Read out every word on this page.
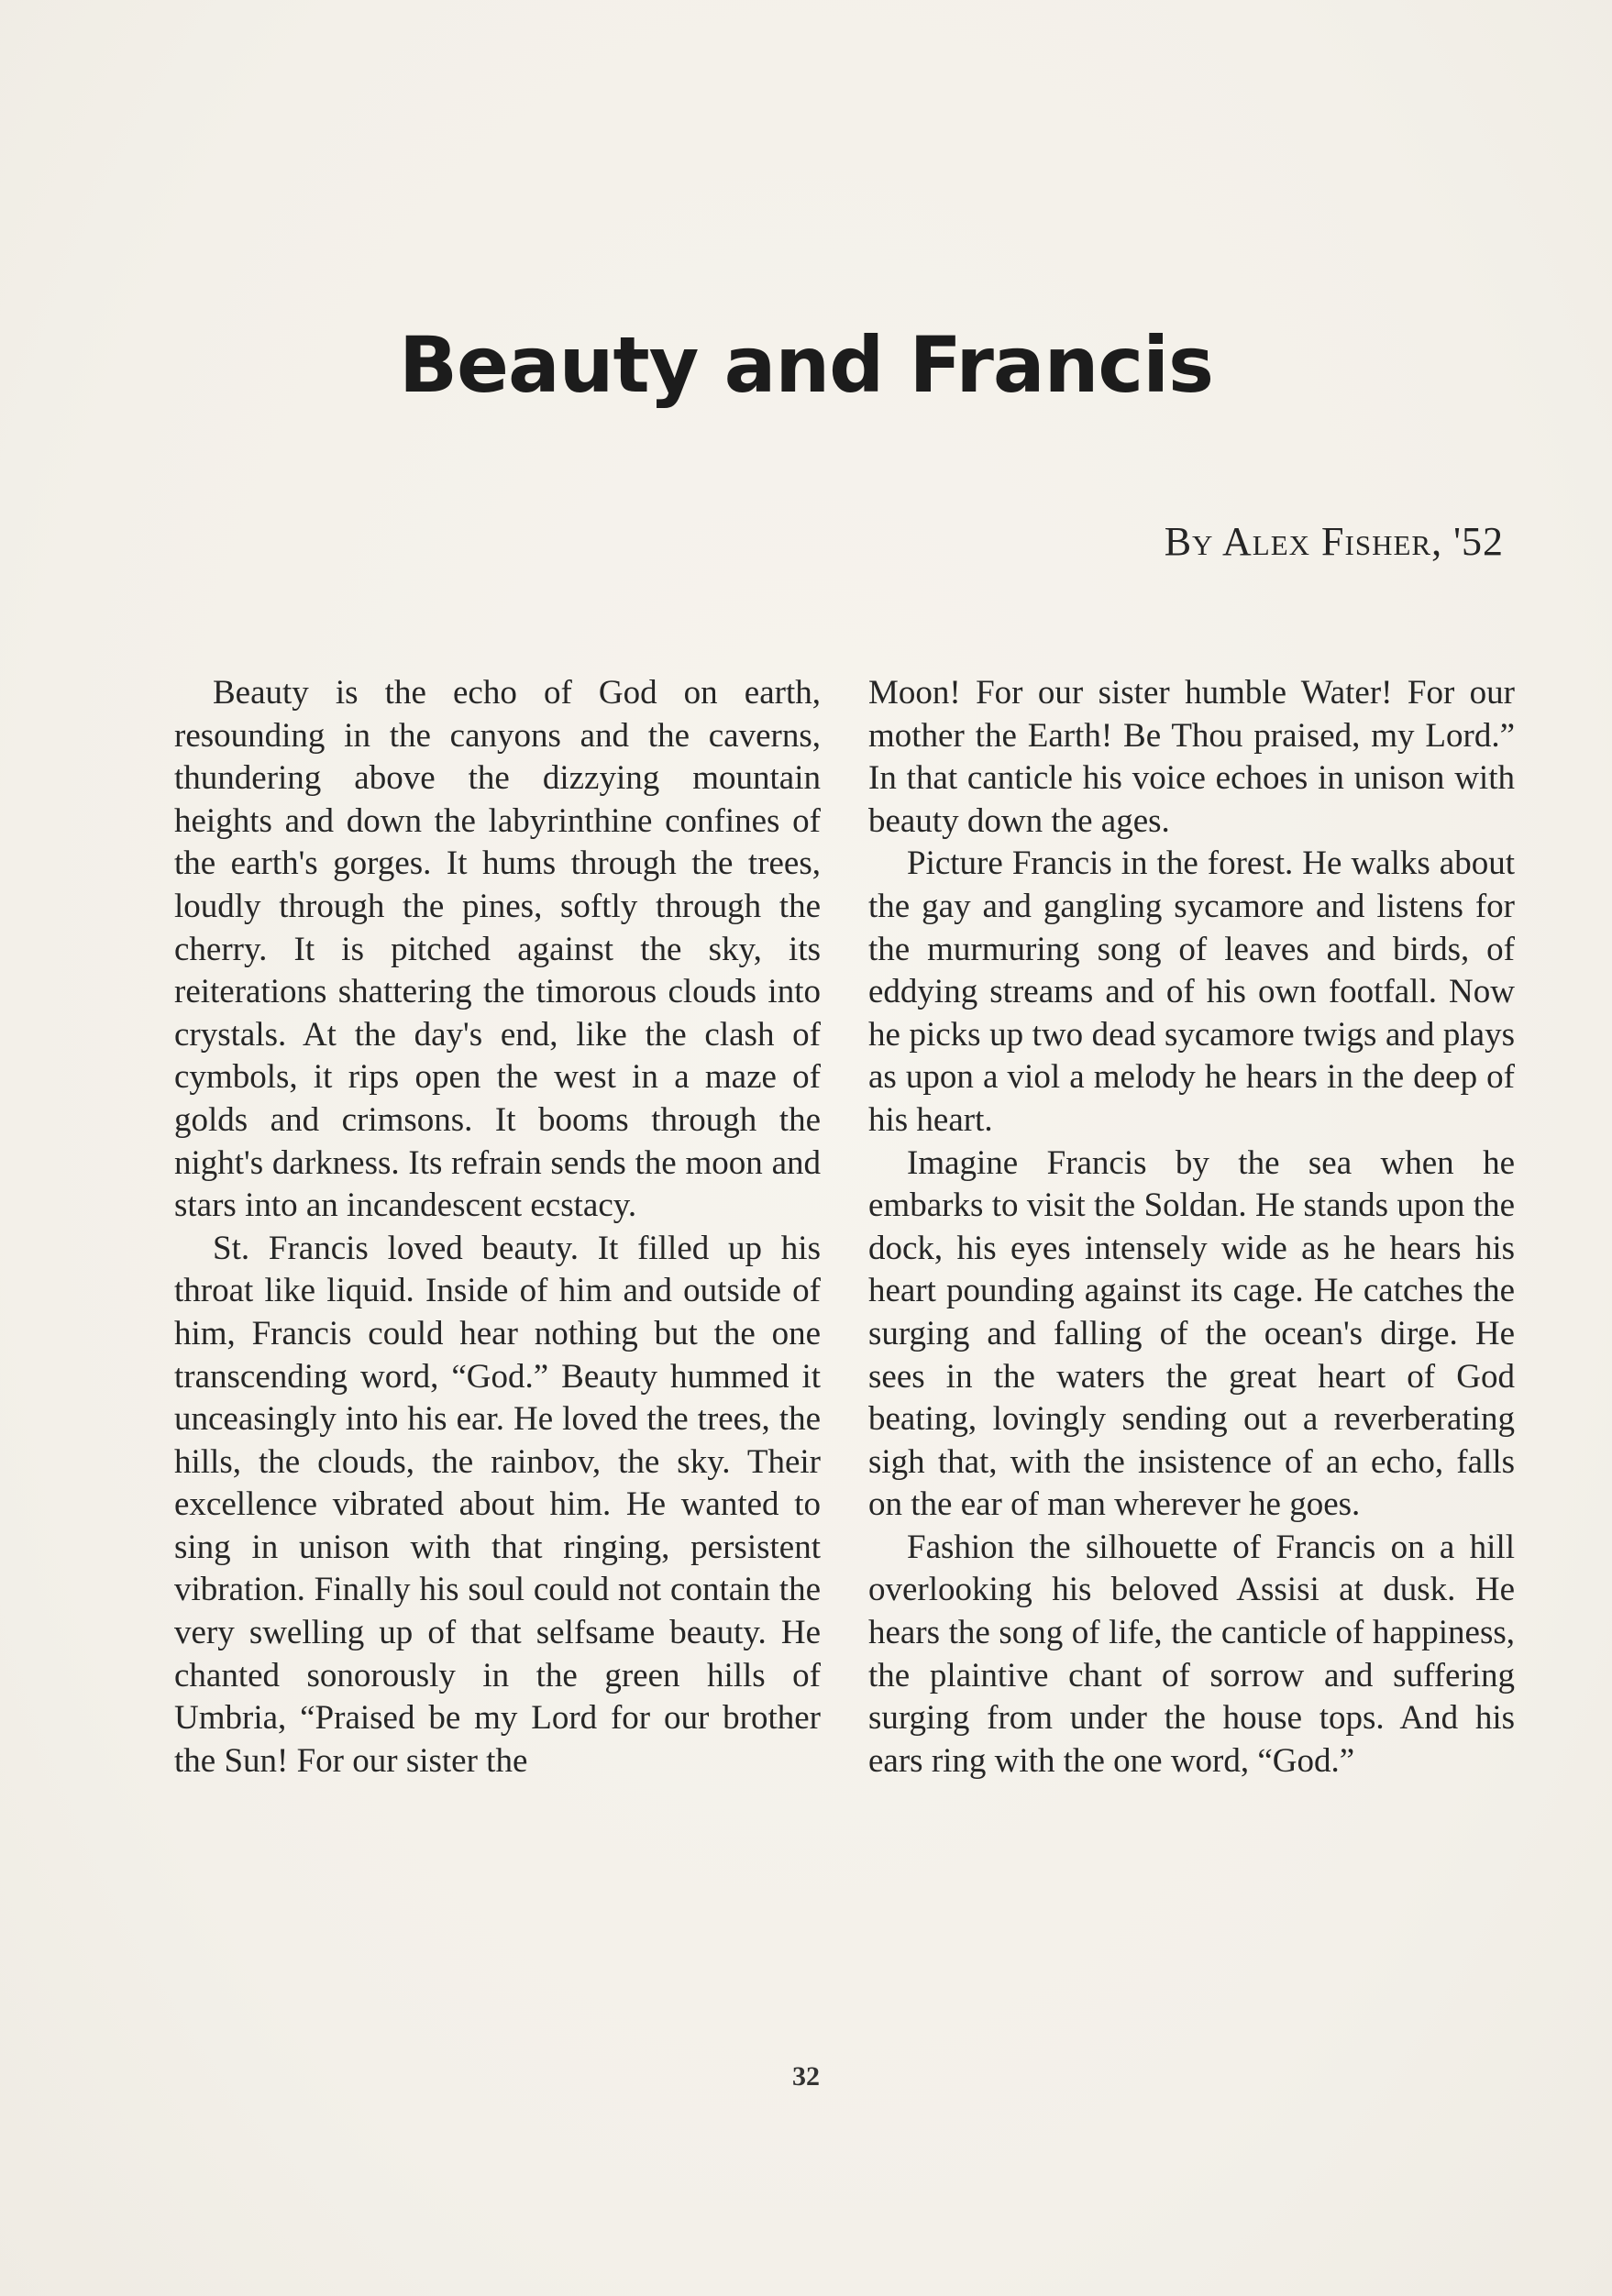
Beauty and Francis
By Alex Fisher, '52

Beauty is the echo of God on earth, resounding in the canyons and the caverns, thundering above the dizzying mountain heights and down the labyrinthine confines of the earth's gorges. It hums through the trees, loudly through the pines, softly through the cherry. It is pitched against the sky, its reiterations shattering the timorous clouds into crystals. At the day's end, like the clash of cymbols, it rips open the west in a maze of golds and crimsons. It booms through the night's darkness. Its refrain sends the moon and stars into an incandescent ecstacy.

St. Francis loved beauty. It filled up his throat like liquid. Inside of him and outside of him, Francis could hear nothing but the one transcending word, “God.” Beauty hummed it unceasingly into his ear. He loved the trees, the hills, the clouds, the rainbov, the sky. Their excellence vibrated about him. He wanted to sing in unison with that ringing, persistent vibration. Finally his soul could not contain the very swelling up of that selfsame beauty. He chanted sonorously in the green hills of Umbria, “Praised be my Lord for our brother the Sun! For our sister the

Moon! For our sister humble Water! For our mother the Earth! Be Thou praised, my Lord.” In that canticle his voice echoes in unison with beauty down the ages.

Picture Francis in the forest. He walks about the gay and gangling sycamore and listens for the murmuring song of leaves and birds, of eddying streams and of his own footfall. Now he picks up two dead sycamore twigs and plays as upon a viol a melody he hears in the deep of his heart.

Imagine Francis by the sea when he embarks to visit the Soldan. He stands upon the dock, his eyes intensely wide as he hears his heart pounding against its cage. He catches the surging and falling of the ocean's dirge. He sees in the waters the great heart of God beating, lovingly sending out a reverberating sigh that, with the insistence of an echo, falls on the ear of man wherever he goes.

Fashion the silhouette of Francis on a hill overlooking his beloved Assisi at dusk. He hears the song of life, the canticle of happiness, the plaintive chant of sorrow and suffering surging from under the house tops. And his ears ring with the one word, “God.”

32
